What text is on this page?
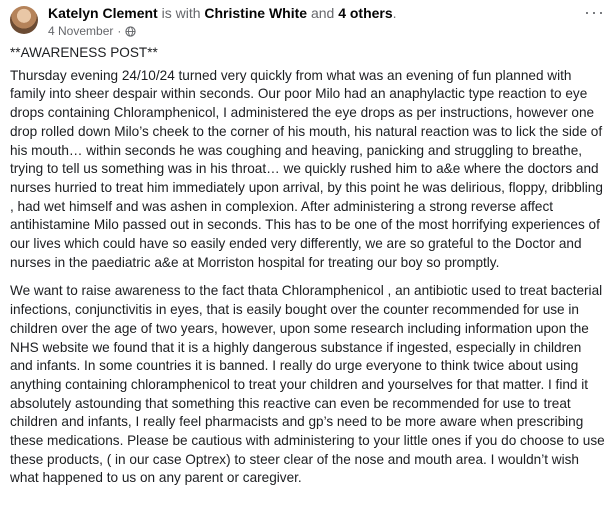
Katelyn Clement is with Christine White and 4 others.
4 November ·
···

**AWARENESS POST**

Thursday evening 24/10/24 turned very quickly from what was an evening of fun planned with family into sheer despair within seconds. Our poor Milo had an anaphylactic type reaction to eye drops containing Chloramphenicol, I administered the eye drops as per instructions, however one drop rolled down Milo’s cheek to the corner of his mouth, his natural reaction was to lick the side of his mouth… within seconds he was coughing and heaving, panicking and struggling to breathe, trying to tell us something was in his throat… we quickly rushed him to a&e where the doctors and nurses hurried to treat him immediately upon arrival, by this point he was delirious, floppy, dribbling , had wet himself and was ashen in complexion. After administering a strong reverse affect antihistamine Milo passed out in seconds. This has to be one of the most horrifying experiences of our lives which could have so easily ended very differently, we are so grateful to the Doctor and nurses in the paediatric a&e at Morriston hospital for treating our boy so promptly.

We want to raise awareness to the fact thata Chloramphenicol , an antibiotic used to treat bacterial infections, conjunctivitis in eyes, that is easily bought over the counter recommended for use in children over the age of two years, however, upon some research including information upon the NHS website we found that it is a highly dangerous substance if ingested, especially in children and infants. In some countries it is banned. I really do urge everyone to think twice about using anything containing chloramphenicol to treat your children and yourselves for that matter. I find it absolutely astounding that something this reactive can even be recommended for use to treat children and infants, I really feel pharmacists and gp’s need to be more aware when prescribing these medications. Please be cautious with administering to your little ones if you do choose to use these products, ( in our case Optrex) to steer clear of the nose and mouth area. I wouldn’t wish what happened to us on any parent or caregiver.
